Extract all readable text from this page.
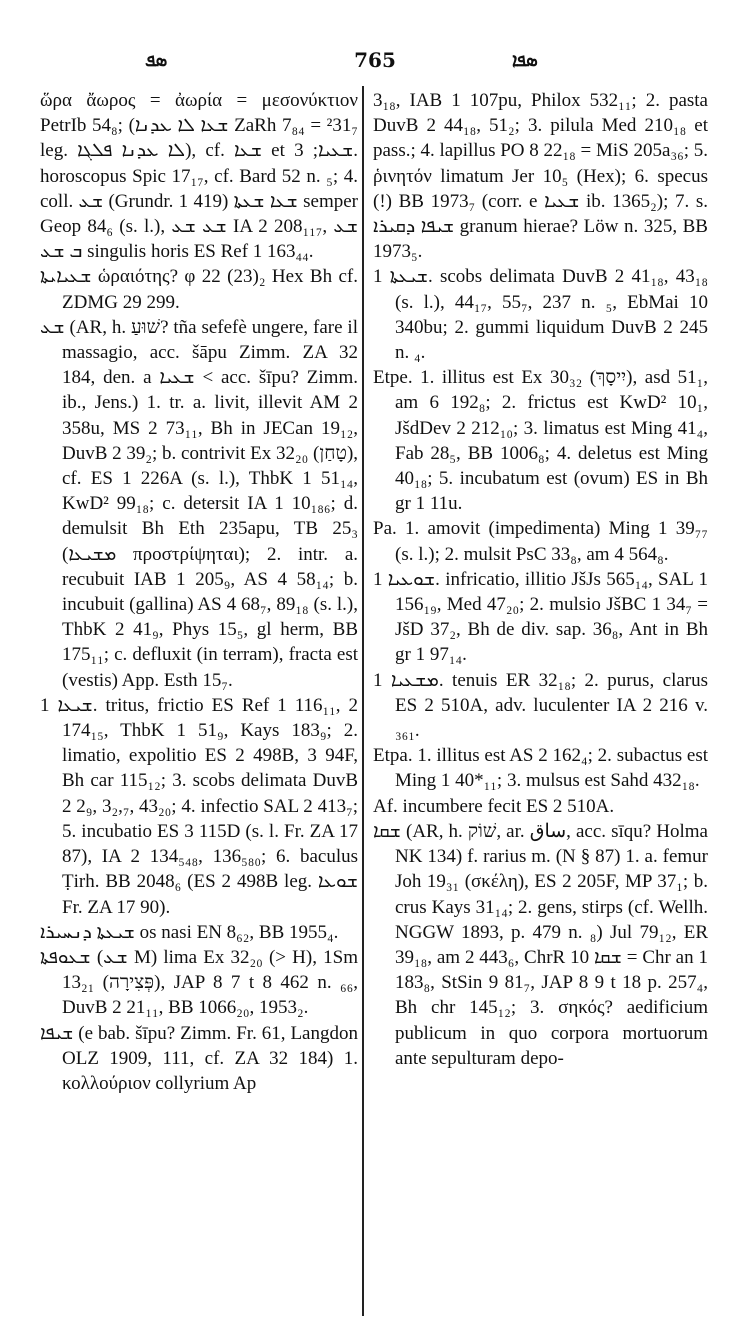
ܣܦ	765	ܣܦܐ

ὥρα ἄωρος = ἀωρία = μεσονύκτιον PetrIb 54₈; (ܫܥܐ ܠܐ ܥܕܢܐ ZaRh 7₈₄ = ²31₇ leg. ܠܐ ܥܕܢܐ ܦܠܓܐ), cf. ܫܥܐ et ܫܥܝܐ; 3. horoscopus Spic 17₁₇, cf. Bard 52 n. ₅; 4. coll. ܫܥ (Grundr. 1 419) ܫܥܐ ܫܥܬܐ semper Geop 84₆ (s. l.), ܫܥ ܫܥ IA 2 208₁₁₇, ܫܥ ܒ ܫܥ singulis horis ES Ref 1 163₄₄.

ܫܥܝܐܝܬܐ ὡραιότης? φ 22 (23)₂ Hex Bh cf. ZDMG 29 299.

ܫܥ (AR, h. שׁוּעַ? tña sefefè ungere, fare il massagio, acc. šāpu Zimm. ZA 32 184, den. a ܫܥܝܐ < acc. šīpu? Zimm. ib., Jens.) 1. tr. a. livit, illevit AM 2 358u, MS 2 73₁₁, Bh in JECan 19₁₂, DuvB 2 39₂; b. contrivit Ex 32₂₀ (טָחַן), cf. ES 1 226A (s. l.), ThbK 1 51₁₄, KwD² 99₁₈; c. detersit IA 1 10₁₈₆; d. demulsit Bh Eth 235apu, TB 25₃ (ܡܫܝܥܐ προστρίψηται); 2. intr. a. recubuit IAB 1 205₉, AS 4 58₁₄; b. incubuit (gallina) AS 4 68₇, 89₁₈ (s. l.), ThbK 2 41₉, Phys 15₅, gl herm, BB 175₁₁; c. defluxit (in terram), fracta est (vestis) App. Esth 15₇.

ܫܝܥܐ 1. tritus, frictio ES Ref 1 116₁₁, 2 174₁₅, ThbK 1 51₉, Kays 183₉; 2. limatio, expolitio ES 2 498B, 3 94F, Bh car 115₁₂; 3. scobs delimata DuvB 2 2₉, 3₂,₇, 43₂₀; 4. infectio SAL 2 413₇; 5. incubatio ES 3 115D (s. l. Fr. ZA 17 87), IA 2 134₅₄₈, 136₅₈₀; 6. baculus Ṭirh. BB 2048₆ (ES 2 498B leg. ܫܘܥܐ Fr. ZA 17 90).

ܫܝܥܬܐ ܕܢܚܝܪܐ os nasi EN 8₆₂, BB 1955₄.

ܫܥܘܦܬܐ (ܫܥ M) lima Ex 32₂₀ (> H), 1Sm 13₂₁ (פְּצִירָה), JAP 8 7 t 8 462 n. ₆₆, DuvB 2 21₁₁, BB 1066₂₀, 1953₂.

ܫܝܦܐ (e bab. šīpu? Zimm. Fr. 61, Langdon OLZ 1909, 111, cf. ZA 32 184) 1. κολλούριον collyrium Ap

3₁₈, IAB 1 107pu, Philox 532₁₁; 2. pasta DuvB 2 44₁₈, 51₂; 3. pilula Med 210₁₈ et pass.; 4. lapillus PO 8 22₁₈ = MiS 205a₃₆; 5. ῥινητόν limatum Jer 10₅ (Hex); 6. specus (!) BB 1973₇ (corr. e ܫܥܝܐ ib. 1365₂); 7. s. ܫܝܦܐ ܕܩܝܪܐ granum hierae? Löw n. 325, BB 1973₅.

ܫܝܥܬܐ 1. scobs delimata DuvB 2 41₁₈, 43₁₈ (s. l.), 44₁₇, 55₇, 237 n. ₅, EbMai 10 340bu; 2. gummi liquidum DuvB 2 245 n. ₄.

Etpe. 1. illitus est Ex 30₃₂ (יִיסָךְ), asd 51₁, am 6 192₈; 2. frictus est KwD² 10₁, JšdDev 2 212₁₀; 3. limatus est Ming 41₄, Fab 28₅, BB 1006₈; 4. deletus est Ming 40₁₈; 5. incubatum est (ovum) ES in Bh gr 1 11u.

Pa. 1. amovit (impedimenta) Ming 1 39₇₇ (s. l.); 2. mulsit PsC 33₈, am 4 564₈.

ܫܘܥܝܐ 1. infricatio, illitio JšJs 565₁₄, SAL 1 156₁₉, Med 47₂₀; 2. mulsio JšBC 1 34₇ = JšD 37₂, Bh de div. sap. 36₈, Ant in Bh gr 1 97₁₄.

ܡܫܥܝܐ 1. tenuis ER 32₁₈; 2. purus, clarus ES 2 510A, adv. luculenter IA 2 216 v. ₃₆₁.

Etpa. 1. illitus est AS 2 162₄; 2. subactus est Ming 1 40*₁₁; 3. mulsus est Sahd 432₁₈.

Af. incumbere fecit ES 2 510A.

ܫܩܐ (AR, h. שׁוֹק, ar. ساق, acc. sīqu? Holma NK 134) f. rarius m. (N § 87) 1. a. femur Joh 19₃₁ (σκέλη), ES 2 205F, MP 37₁; b. crus Kays 31₁₄; 2. gens, stirps (cf. Wellh. NGGW 1893, p. 479 n. ₈) Jul 79₁₂, ER 39₁₈, am 2 443₆, ChrR ܫܩܐ 10 = Chr an 1 183₈, StSin 9 81₇, JAP 8 9 t 18 p. 257₄, Bh chr 145₁₂; 3. σηκός? aedificium publicum in quo corpora mortuorum ante sepulturam depo-
